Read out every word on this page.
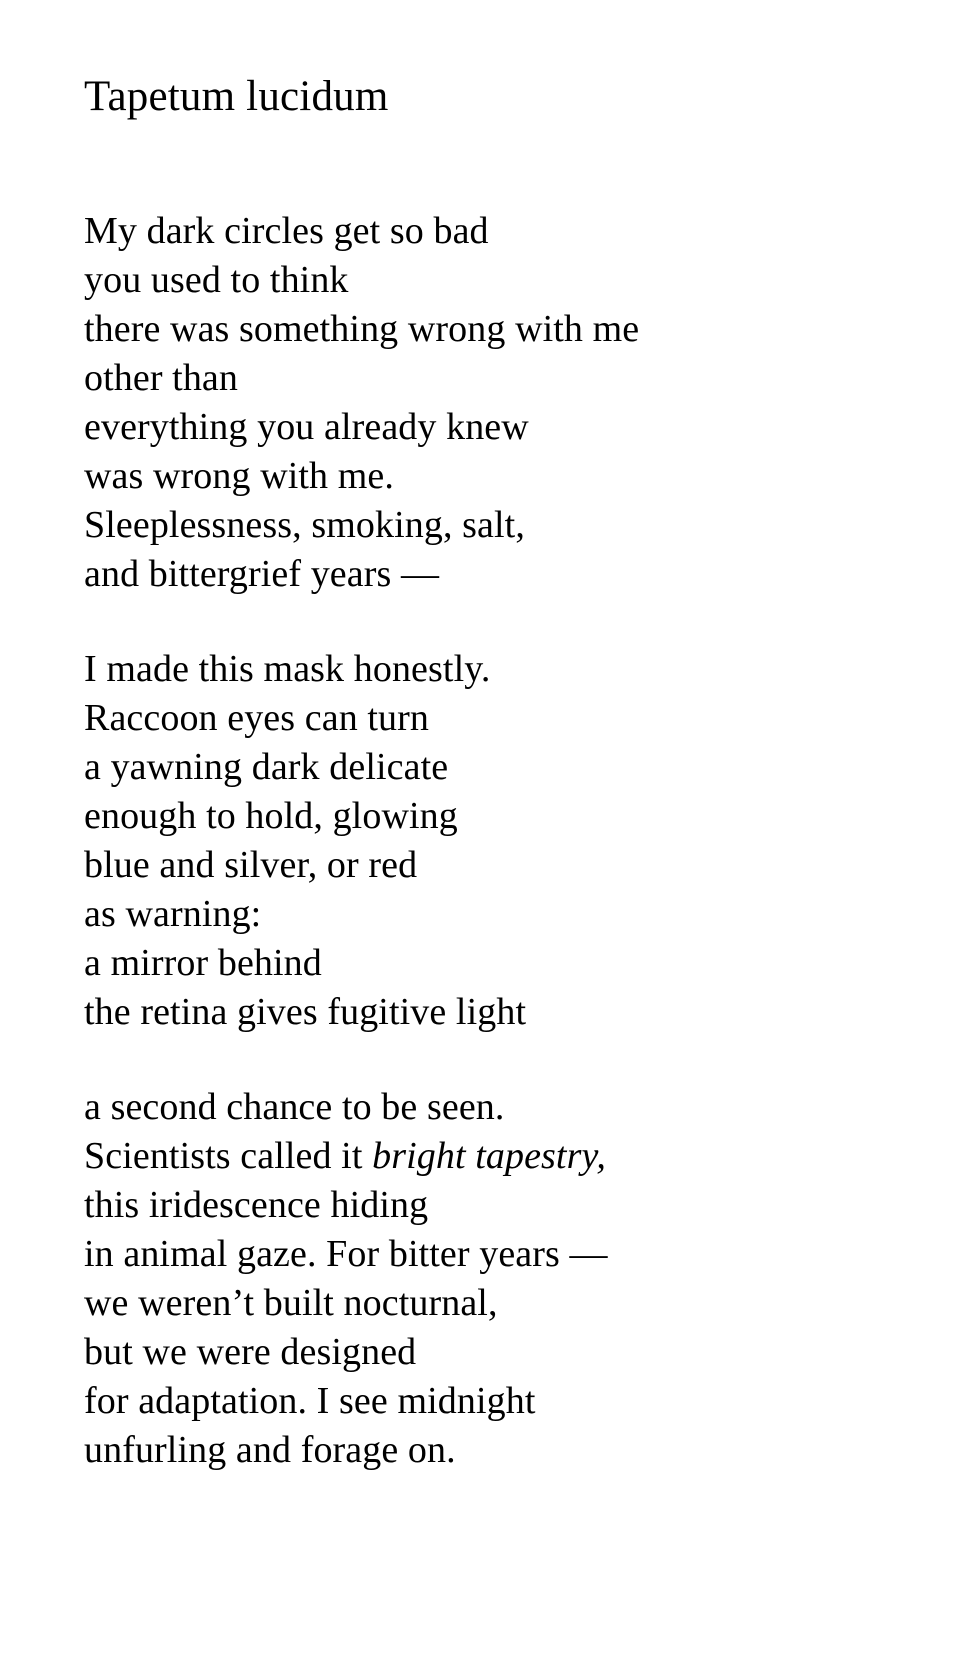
Tapetum lucidum
My dark circles get so bad
you used to think
there was something wrong with me
other than
everything you already knew
was wrong with me.
Sleeplessness, smoking, salt,
and bittergrief years —
I made this mask honestly.
Raccoon eyes can turn
a yawning dark delicate
enough to hold, glowing
blue and silver, or red
as warning:
a mirror behind
the retina gives fugitive light
a second chance to be seen.
Scientists called it bright tapestry,
this iridescence hiding
in animal gaze. For bitter years —
we weren’t built nocturnal,
but we were designed
for adaptation. I see midnight
unfurling and forage on.
